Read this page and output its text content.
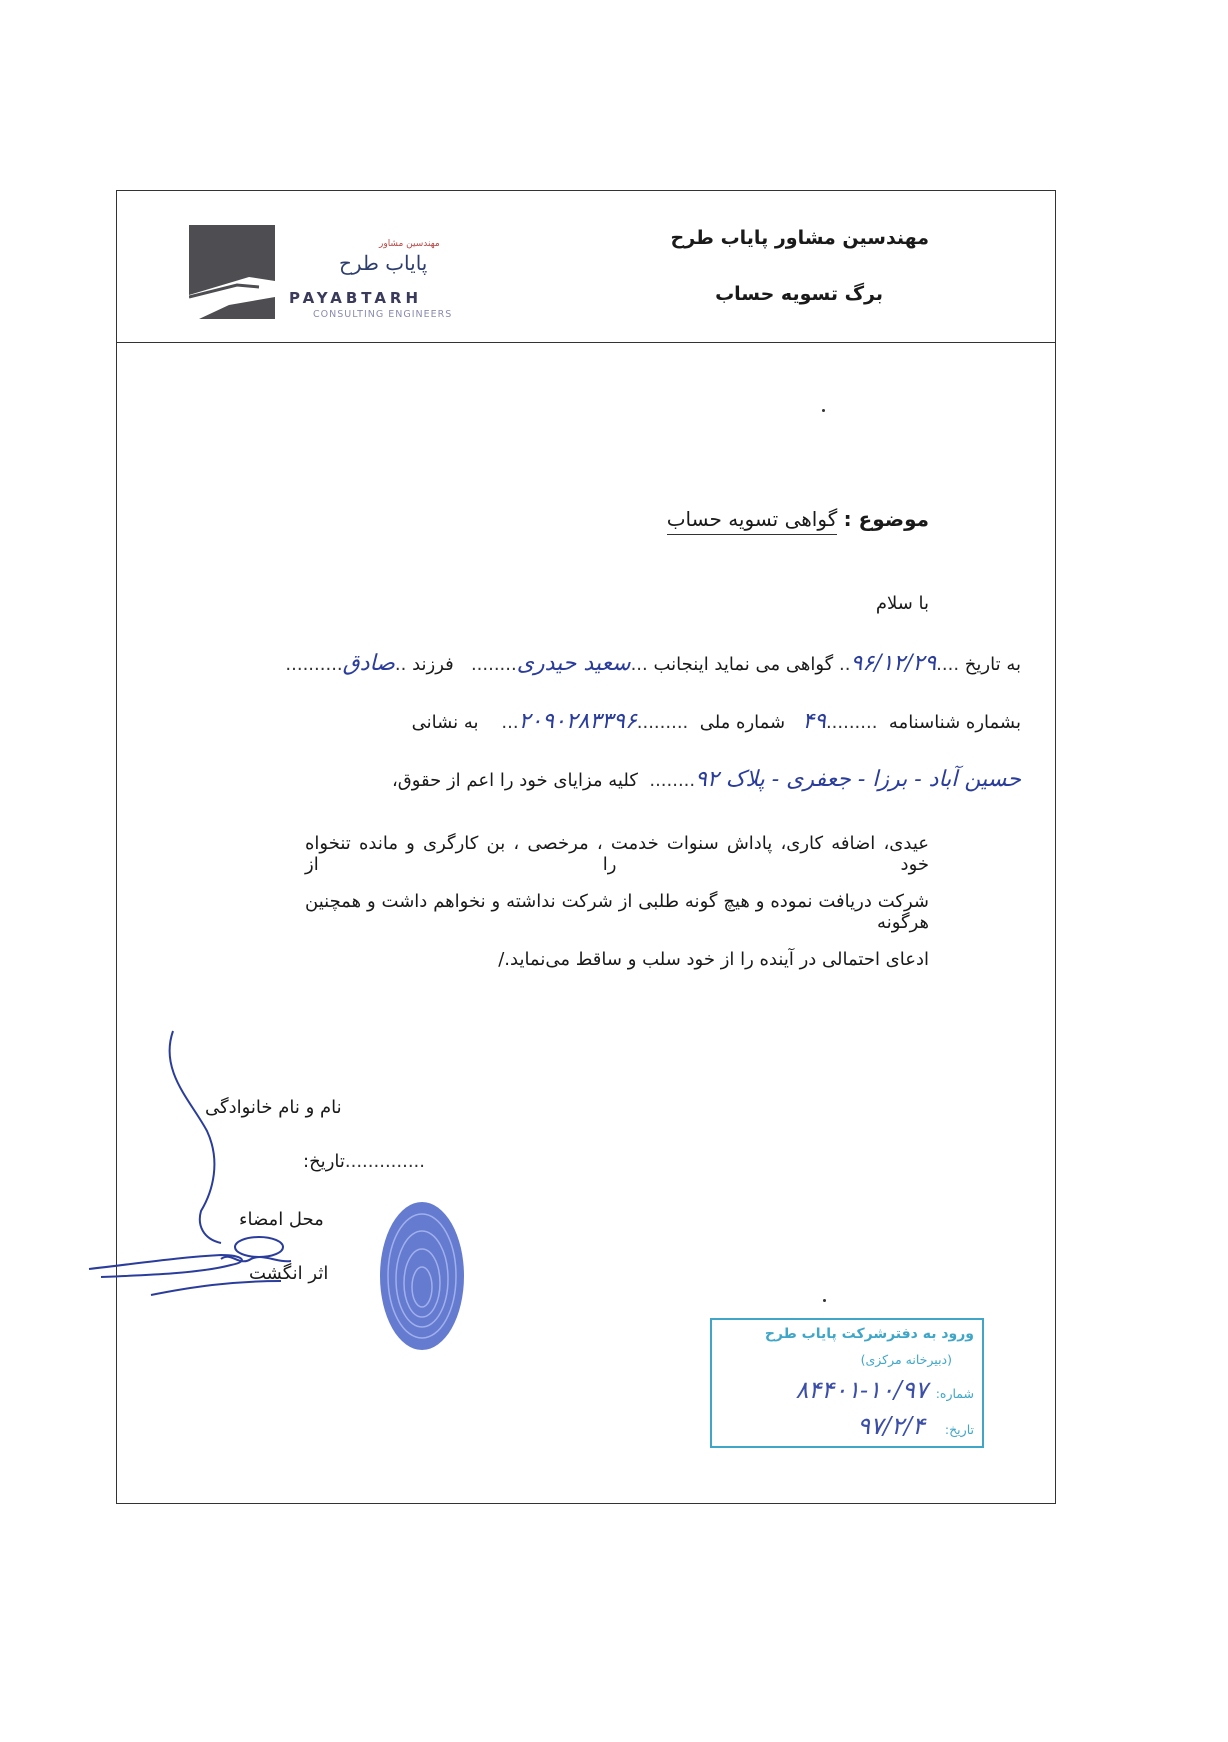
مهندسین مشاور پایاب طرح
برگ تسویه حساب
مهندسین مشاور
پایاب طرح
PAYABTARH
CONSULTING ENGINEERS
موضوع : گواهی تسویه حساب
با سلام
به تاریخ ....۹۶/۱۲/۲۹.. گواهی می نماید اینجانب ...سعید حیدری........   فرزند ..صادق..........
بشماره شناسنامه  .........۴۹   شماره ملی  .........۲۰۹۰۲۸۳۳۹۶...    به نشانی
حسین آباد - برزا - جعفری - پلاک ۹۲........  کلیه مزایای خود را اعم از حقوق،
عیدی، اضافه کاری، پاداش سنوات خدمت ، مرخصی ، بن کارگری و مانده تنخواه خود را از
شرکت دریافت نموده و هیچ گونه طلبی از شرکت نداشته و نخواهم داشت و همچنین هرگونه
ادعای احتمالی در آینده را از خود سلب و ساقط می‌نماید./
نام و نام خانوادگی
..............تاریخ:
محل امضاء
اثر انگشت
ورود به دفترشرکت پایاب طرح
(دبیرخانه مرکزی)
شماره:  ۱۰/۹۷-۸۴۴۰۱
تاریخ:     ۹۷/۲/۴
